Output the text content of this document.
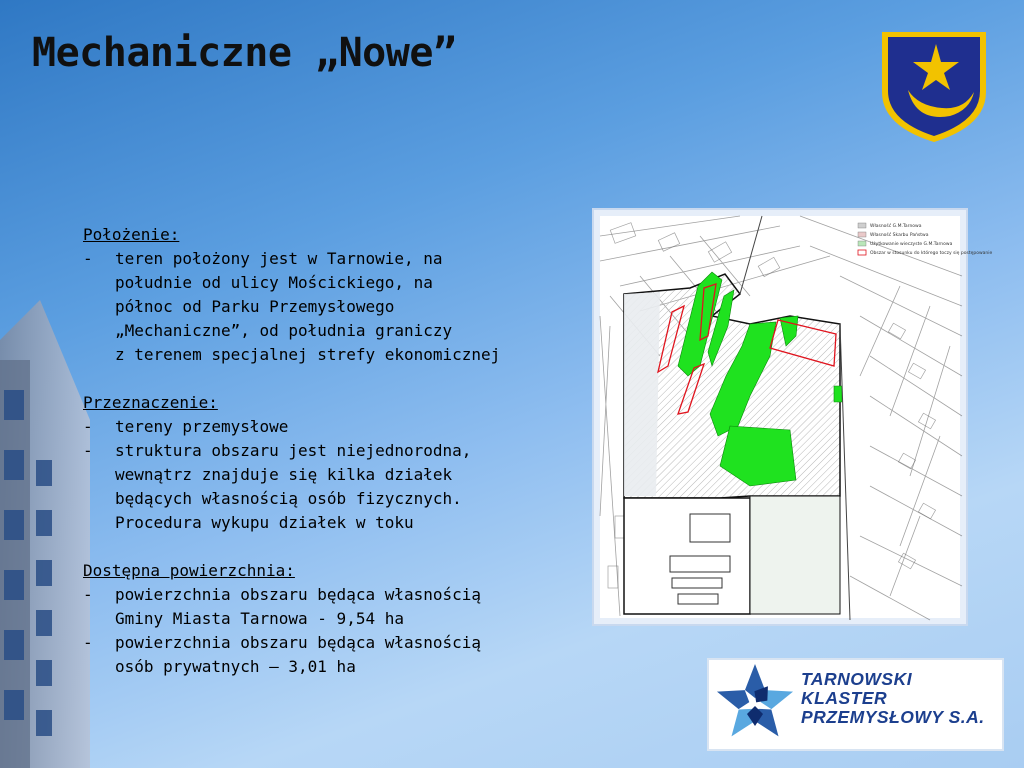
Mechaniczne „Nowe”
Położenie:
-	teren położony jest w Tarnowie, na
południe od ulicy Mościckiego, na
północ od Parku Przemysłowego
„Mechaniczne”, od południa graniczy
z terenem specjalnej strefy ekonomicznej
Przeznaczenie:
-	tereny przemysłowe
-	struktura obszaru jest niejednorodna,
wewnątrz znajduje się kilka działek
będących własnością osób fizycznych.
Procedura wykupu działek w toku
Dostępna powierzchnia:
-	powierzchnia obszaru będąca własnością
Gminy Miasta Tarnowa - 9,54 ha
-	powierzchnia obszaru będąca własnością
osób prywatnych – 3,01 ha
Własność G.M.Tarnowa
Własność Skarbu Państwa
Użytkowanie wieczyste G.M.Tarnowa
Obszar w stosunku do którego toczy się postępowanie
TARNOWSKI
KLASTER
PRZEMYSŁOWY S.A.
